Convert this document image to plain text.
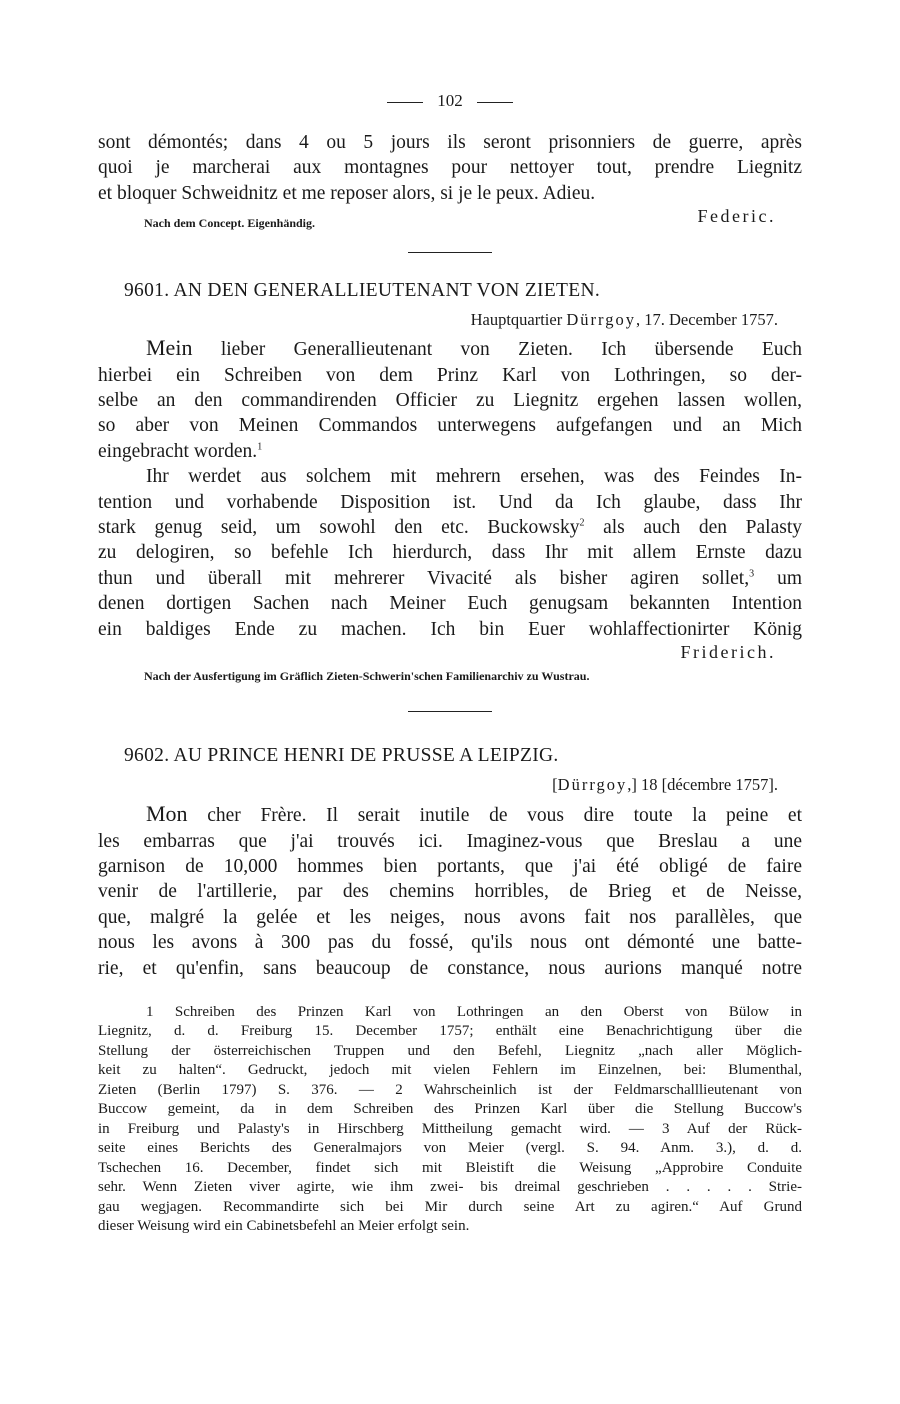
102
sont démontés; dans 4 ou 5 jours ils seront prisonniers de guerre, après
quoi je marcherai aux montagnes pour nettoyer tout, prendre Liegnitz
et bloquer Schweidnitz et me reposer alors, si je le peux. Adieu.
Nach dem Concept. Eigenhändig.	Federic.
9601. AN DEN GENERALLIEUTENANT VON ZIETEN.
Hauptquartier Dürrgoy, 17. December 1757.
Mein lieber Generallieutenant von Zieten. Ich übersende Euch
hierbei ein Schreiben von dem Prinz Karl von Lothringen, so der-
selbe an den commandirenden Officier zu Liegnitz ergehen lassen wollen,
so aber von Meinen Commandos unterwegens aufgefangen und an Mich
eingebracht worden.$^1$
Ihr werdet aus solchem mit mehrern ersehen, was des Feindes In-
tention und vorhabende Disposition ist. Und da Ich glaube, dass Ihr
stark genug seid, um sowohl den etc. Buckowsky$^2$ als auch den Palasty
zu delogiren, so befehle Ich hierdurch, dass Ihr mit allem Ernste dazu
thun und überall mit mehrerer Vivacité als bisher agiren sollet,$^3$ um
denen dortigen Sachen nach Meiner Euch genugsam bekannten Intention
ein baldiges Ende zu machen. Ich bin Euer wohlaffectionirter König
Friderich.
Nach der Ausfertigung im Gräflich Zieten-Schwerin'schen Familienarchiv zu Wustrau.
9602. AU PRINCE HENRI DE PRUSSE A LEIPZIG.
[Dürrgoy,] 18 [décembre 1757].
Mon cher Frère. Il serait inutile de vous dire toute la peine et
les embarras que j'ai trouvés ici. Imaginez-vous que Breslau a une
garnison de 10,000 hommes bien portants, que j'ai été obligé de faire
venir de l'artillerie, par des chemins horribles, de Brieg et de Neisse,
que, malgré la gelée et les neiges, nous avons fait nos parallèles, que
nous les avons à 300 pas du fossé, qu'ils nous ont démonté une batte-
rie, et qu'enfin, sans beaucoup de constance, nous aurions manqué notre
1 Schreiben des Prinzen Karl von Lothringen an den Oberst von Bülow in
Liegnitz, d. d. Freiburg 15. December 1757; enthält eine Benachrichtigung über die
Stellung der österreichischen Truppen und den Befehl, Liegnitz „nach aller Möglich-
keit zu halten“. Gedruckt, jedoch mit vielen Fehlern im Einzelnen, bei: Blumenthal,
Zieten (Berlin 1797) S. 376. — 2 Wahrscheinlich ist der Feldmarschalllieutenant von
Buccow gemeint, da in dem Schreiben des Prinzen Karl über die Stellung Buccow's
in Freiburg und Palasty's in Hirschberg Mittheilung gemacht wird. — 3 Auf der Rück-
seite eines Berichts des Generalmajors von Meier (vergl. S. 94. Anm. 3.), d. d.
Tschechen 16. December, findet sich mit Bleistift die Weisung „Approbire Conduite
sehr. Wenn Zieten viver agirte, wie ihm zwei- bis dreimal geschrieben . . . . . Strie-
gau wegjagen. Recommandirte sich bei Mir durch seine Art zu agiren.“ Auf Grund
dieser Weisung wird ein Cabinetsbefehl an Meier erfolgt sein.
